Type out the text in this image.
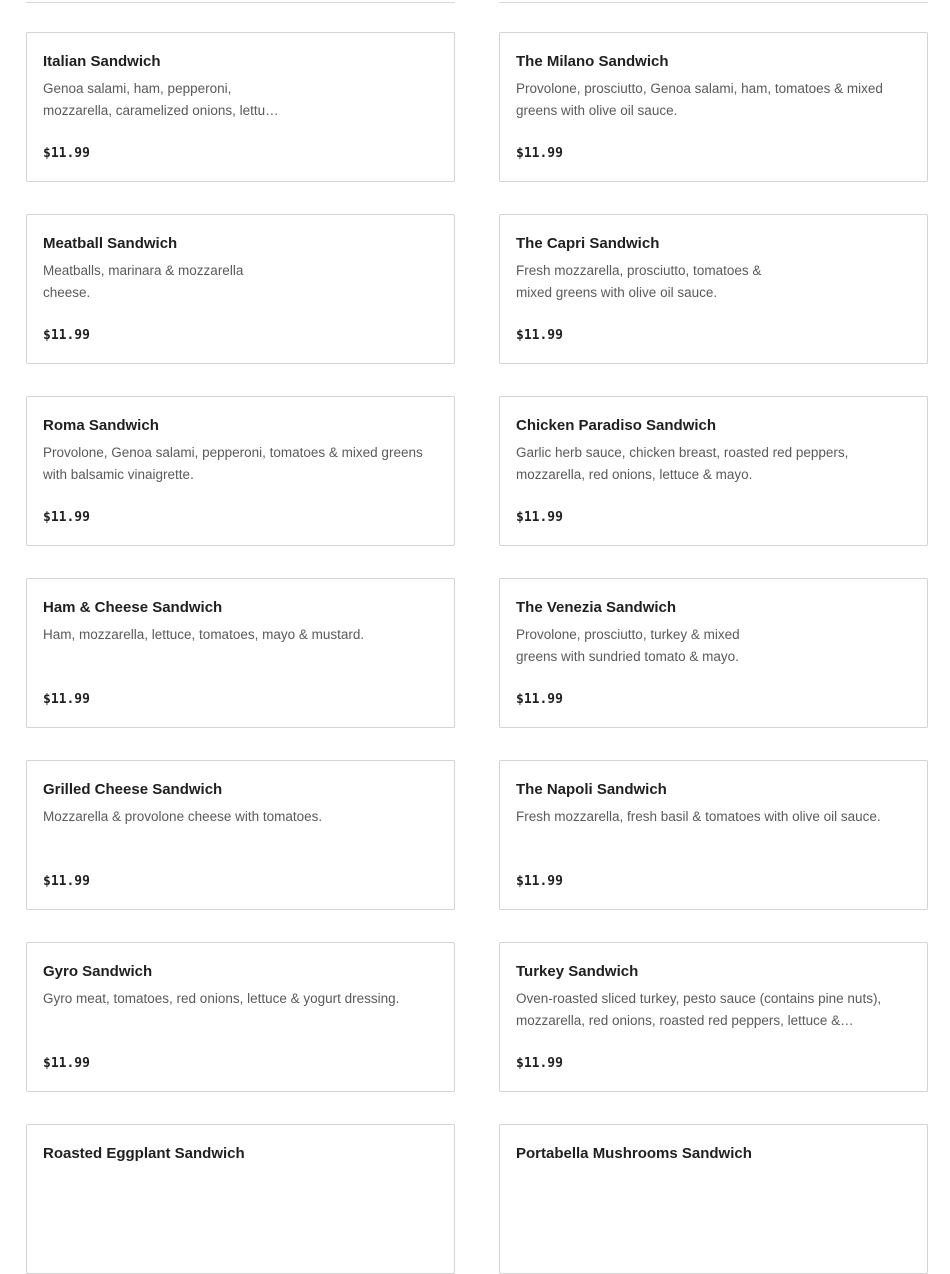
Italian Sandwich
Genoa salami, ham, pepperoni, mozzarella, caramelized onions, lettu…
$11.99
The Milano Sandwich
Provolone, prosciutto, Genoa salami, ham, tomatoes & mixed greens with olive oil sauce.
$11.99
Meatball Sandwich
Meatballs, marinara & mozzarella cheese.
$11.99
The Capri Sandwich
Fresh mozzarella, prosciutto, tomatoes & mixed greens with olive oil sauce.
$11.99
Roma Sandwich
Provolone, Genoa salami, pepperoni, tomatoes & mixed greens with balsamic vinaigrette.
$11.99
Chicken Paradiso Sandwich
Garlic herb sauce, chicken breast, roasted red peppers, mozzarella, red onions, lettuce & mayo.
$11.99
Ham & Cheese Sandwich
Ham, mozzarella, lettuce, tomatoes, mayo & mustard.
$11.99
The Venezia Sandwich
Provolone, prosciutto, turkey & mixed greens with sundried tomato & mayo.
$11.99
Grilled Cheese Sandwich
Mozzarella & provolone cheese with tomatoes.
$11.99
The Napoli Sandwich
Fresh mozzarella, fresh basil & tomatoes with olive oil sauce.
$11.99
Gyro Sandwich
Gyro meat, tomatoes, red onions, lettuce & yogurt dressing.
$11.99
Turkey Sandwich
Oven-roasted sliced turkey, pesto sauce (contains pine nuts), mozzarella, red onions, roasted red peppers, lettuce &…
$11.99
Roasted Eggplant Sandwich	Portabella Mushrooms Sandwich
